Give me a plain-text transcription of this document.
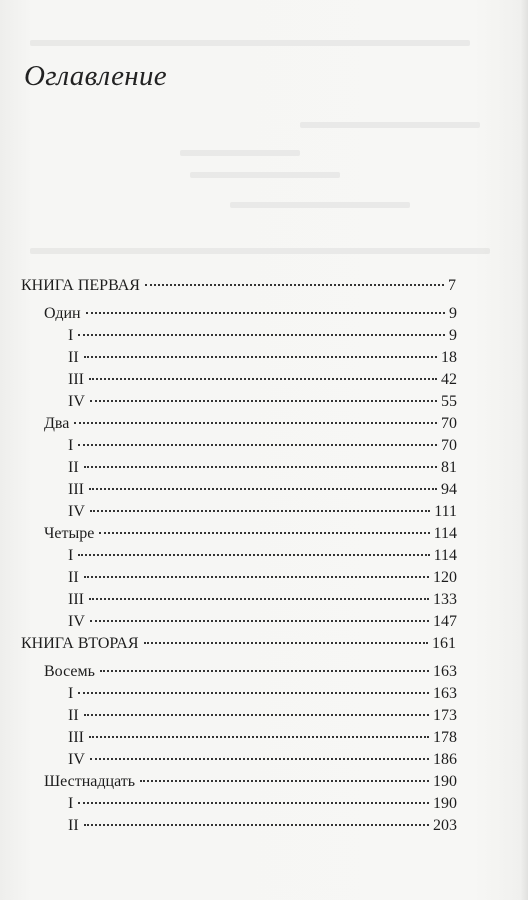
Оглавление
КНИГА ПЕРВАЯ	7
Один	9
I	9
II	18
III	42
IV	55
Два	70
I	70
II	81
III	94
IV	111
Четыре	114
I	114
II	120
III	133
IV	147
КНИГА ВТОРАЯ	161
Восемь	163
I	163
II	173
III	178
IV	186
Шестнадцать	190
I	190
II	203
